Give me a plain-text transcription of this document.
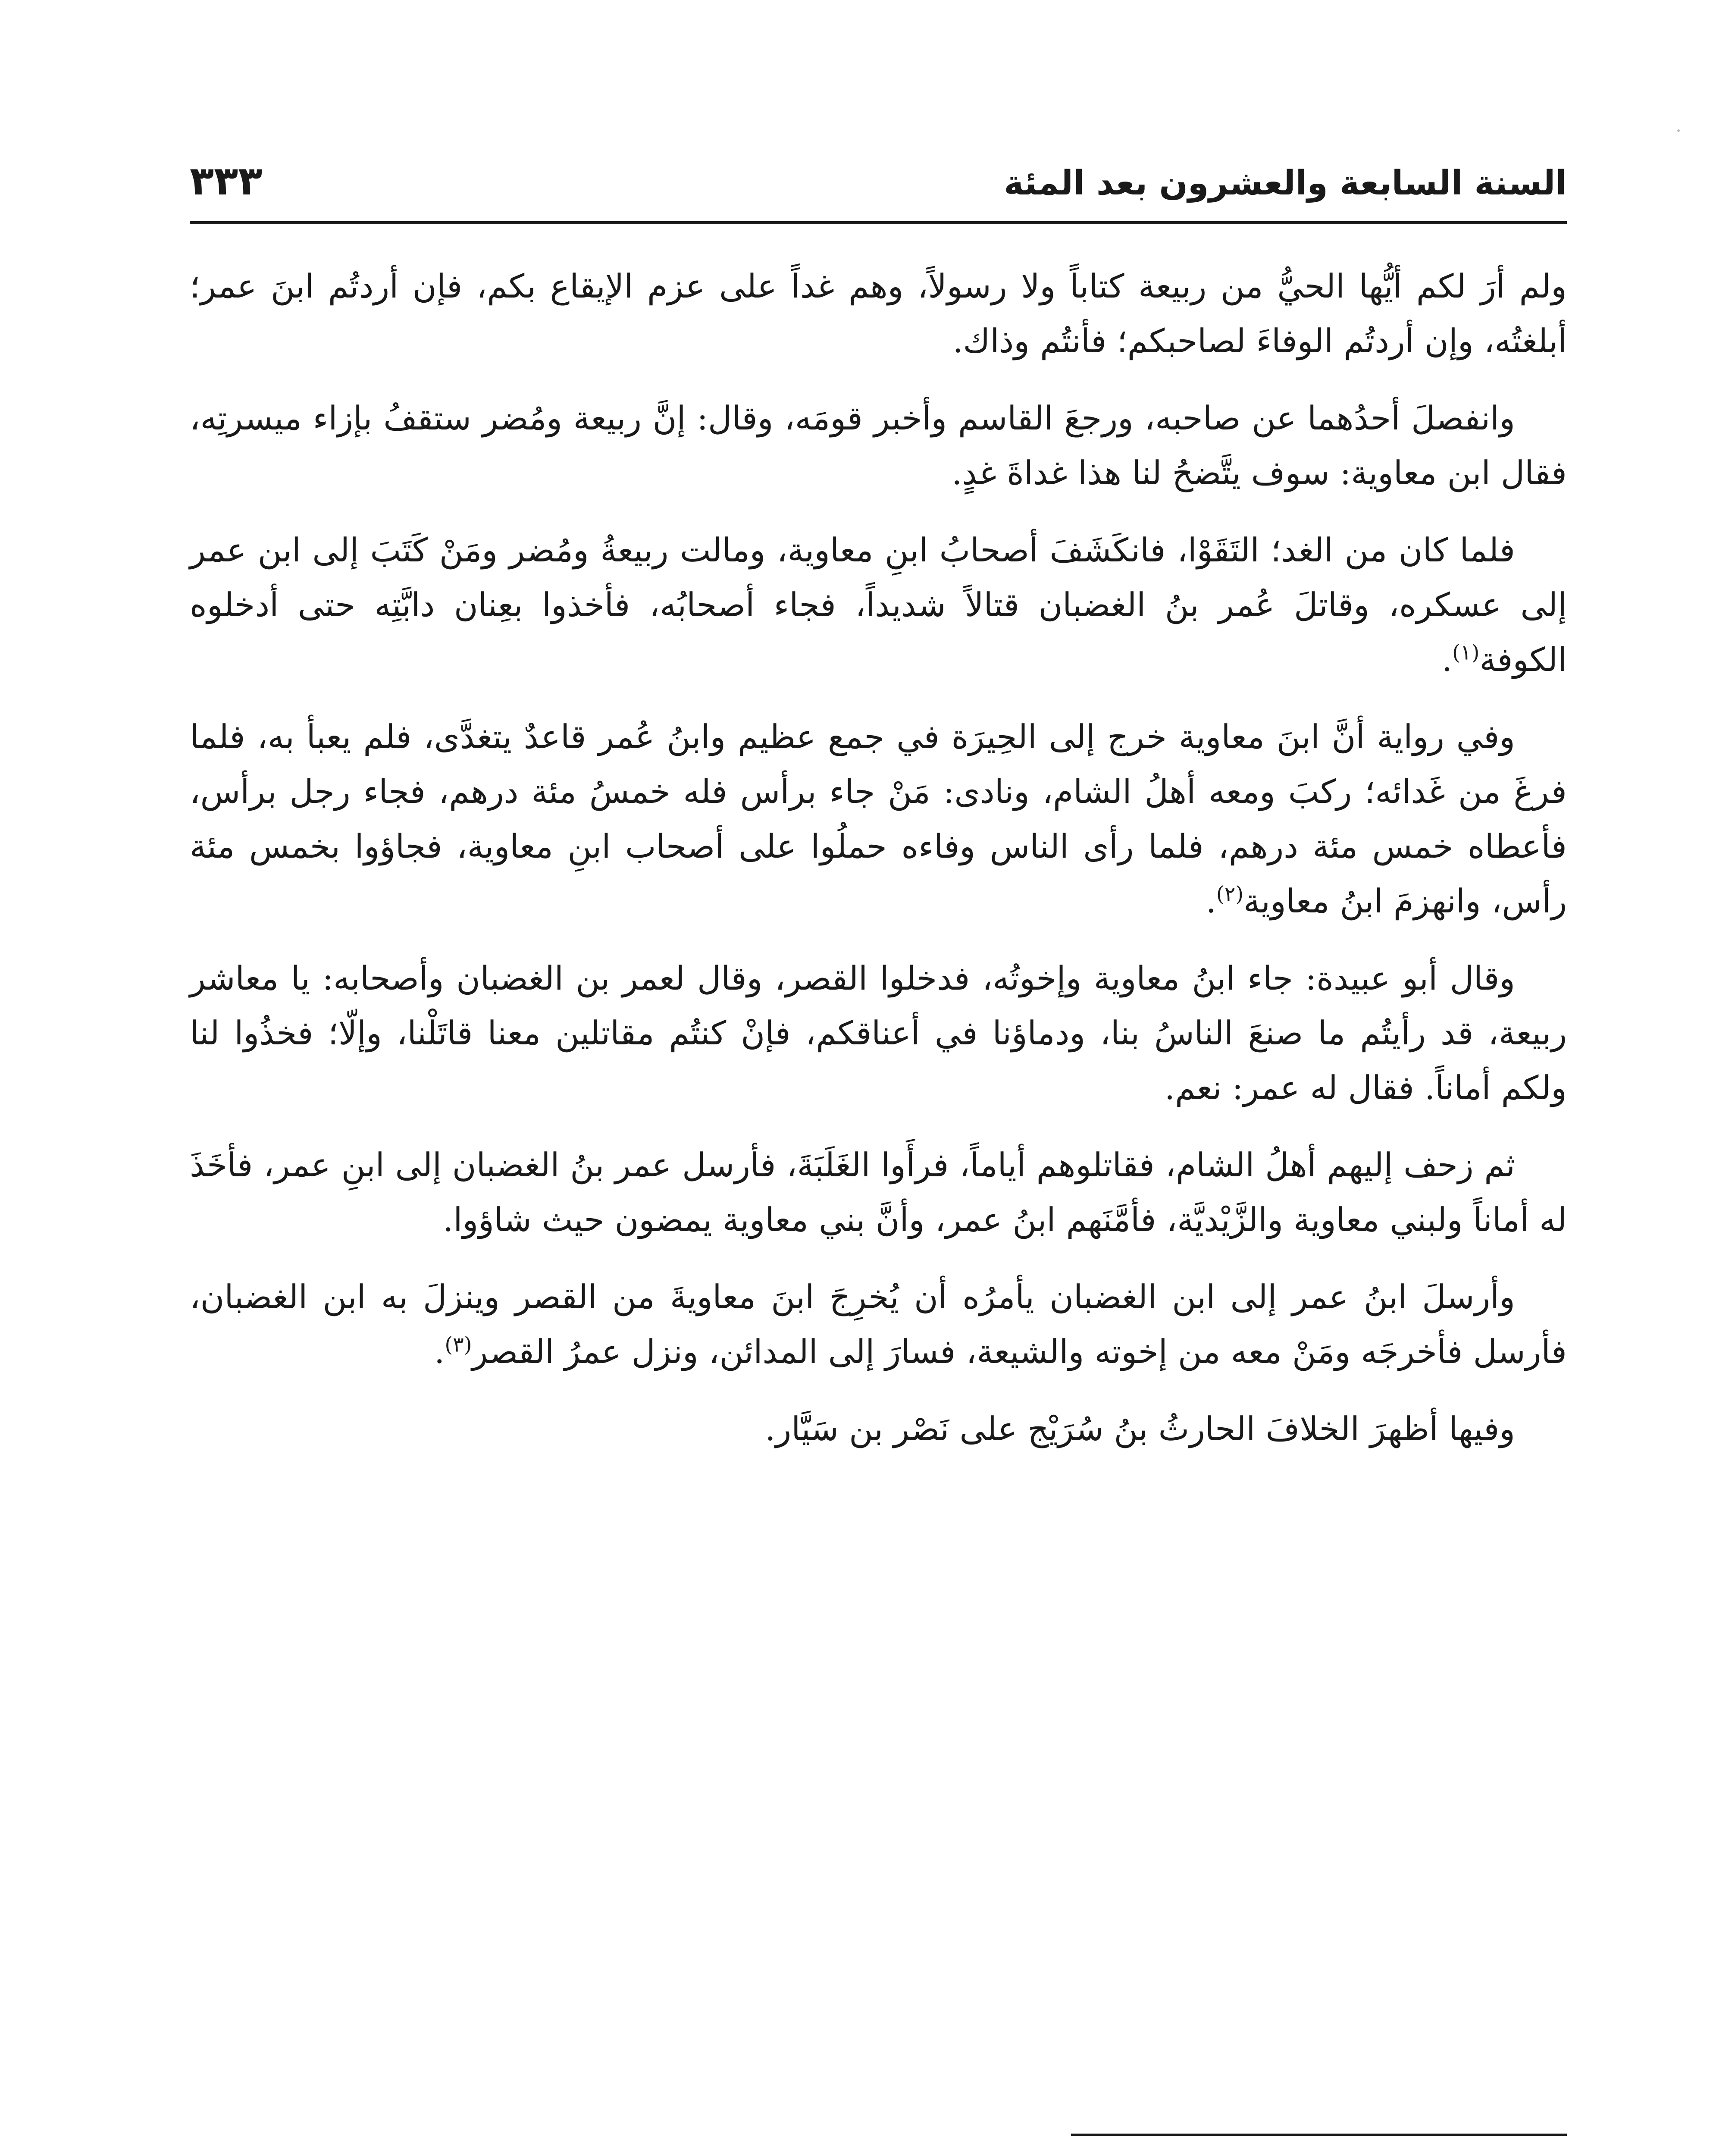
السنة السابعة والعشرون بعد المئة
٣٣٣

ولم أرَ لكم أيُّها الحيُّ من ربيعة كتاباً ولا رسولاً، وهم غداً على عزم الإيقاع بكم، فإن أردتُم ابنَ عمر؛ أبلغتُه، وإن أردتُم الوفاءَ لصاحبكم؛ فأنتُم وذاك.

وانفصلَ أحدُهما عن صاحبه، ورجعَ القاسم وأخبر قومَه، وقال: إنَّ ربيعة ومُضر ستقفُ بإزاء ميسرتِه، فقال ابن معاوية: سوف يتَّضحُ لنا هذا غداةَ غدٍ.

فلما كان من الغد؛ التَقَوْا، فانكَشَفَ أصحابُ ابنِ معاوية، ومالت ربيعةُ ومُضر ومَنْ كَتَبَ إلى ابن عمر إلى عسكره، وقاتلَ عُمر بنُ الغضبان قتالاً شديداً، فجاء أصحابُه، فأخذوا بعِنان دابَّتِه حتى أدخلوه الكوفة$^{(١)}$.

وفي رواية أنَّ ابنَ معاوية خرج إلى الحِيرَة في جمع عظيم وابنُ عُمر قاعدٌ يتغدَّى، فلم يعبأ به، فلما فرغَ من غَدائه؛ ركبَ ومعه أهلُ الشام، ونادى: مَنْ جاء برأس فله خمسُ مئة درهم، فجاء رجل برأس، فأعطاه خمس مئة درهم، فلما رأى الناس وفاءه حملُوا على أصحاب ابنِ معاوية، فجاؤوا بخمس مئة رأس، وانهزمَ ابنُ معاوية$^{(٢)}$.

وقال أبو عبيدة: جاء ابنُ معاوية وإخوتُه، فدخلوا القصر، وقال لعمر بن الغضبان وأصحابه: يا معاشر ربيعة، قد رأيتُم ما صنعَ الناسُ بنا، ودماؤنا في أعناقكم، فإنْ كنتُم مقاتلين معنا قاتَلْنا، وإلّا؛ فخذُوا لنا ولكم أماناً. فقال له عمر: نعم.

ثم زحف إليهم أهلُ الشام، فقاتلوهم أياماً، فرأَوا الغَلَبَةَ، فأرسل عمر بنُ الغضبان إلى ابنِ عمر، فأخَذَ له أماناً ولبني معاوية والزَّيْديَّة، فأمَّنَهم ابنُ عمر، وأنَّ بني معاوية يمضون حيث شاؤوا.

وأرسلَ ابنُ عمر إلى ابن الغضبان يأمرُه أن يُخرِجَ ابنَ معاويةَ من القصر وينزلَ به ابن الغضبان، فأرسل فأخرجَه ومَنْ معه من إخوته والشيعة، فسارَ إلى المدائن، ونزل عمرُ القصر$^{(٣)}$.

وفيها أظهرَ الخلافَ الحارثُ بنُ سُرَيْج على نَصْر بن سَيَّار.
